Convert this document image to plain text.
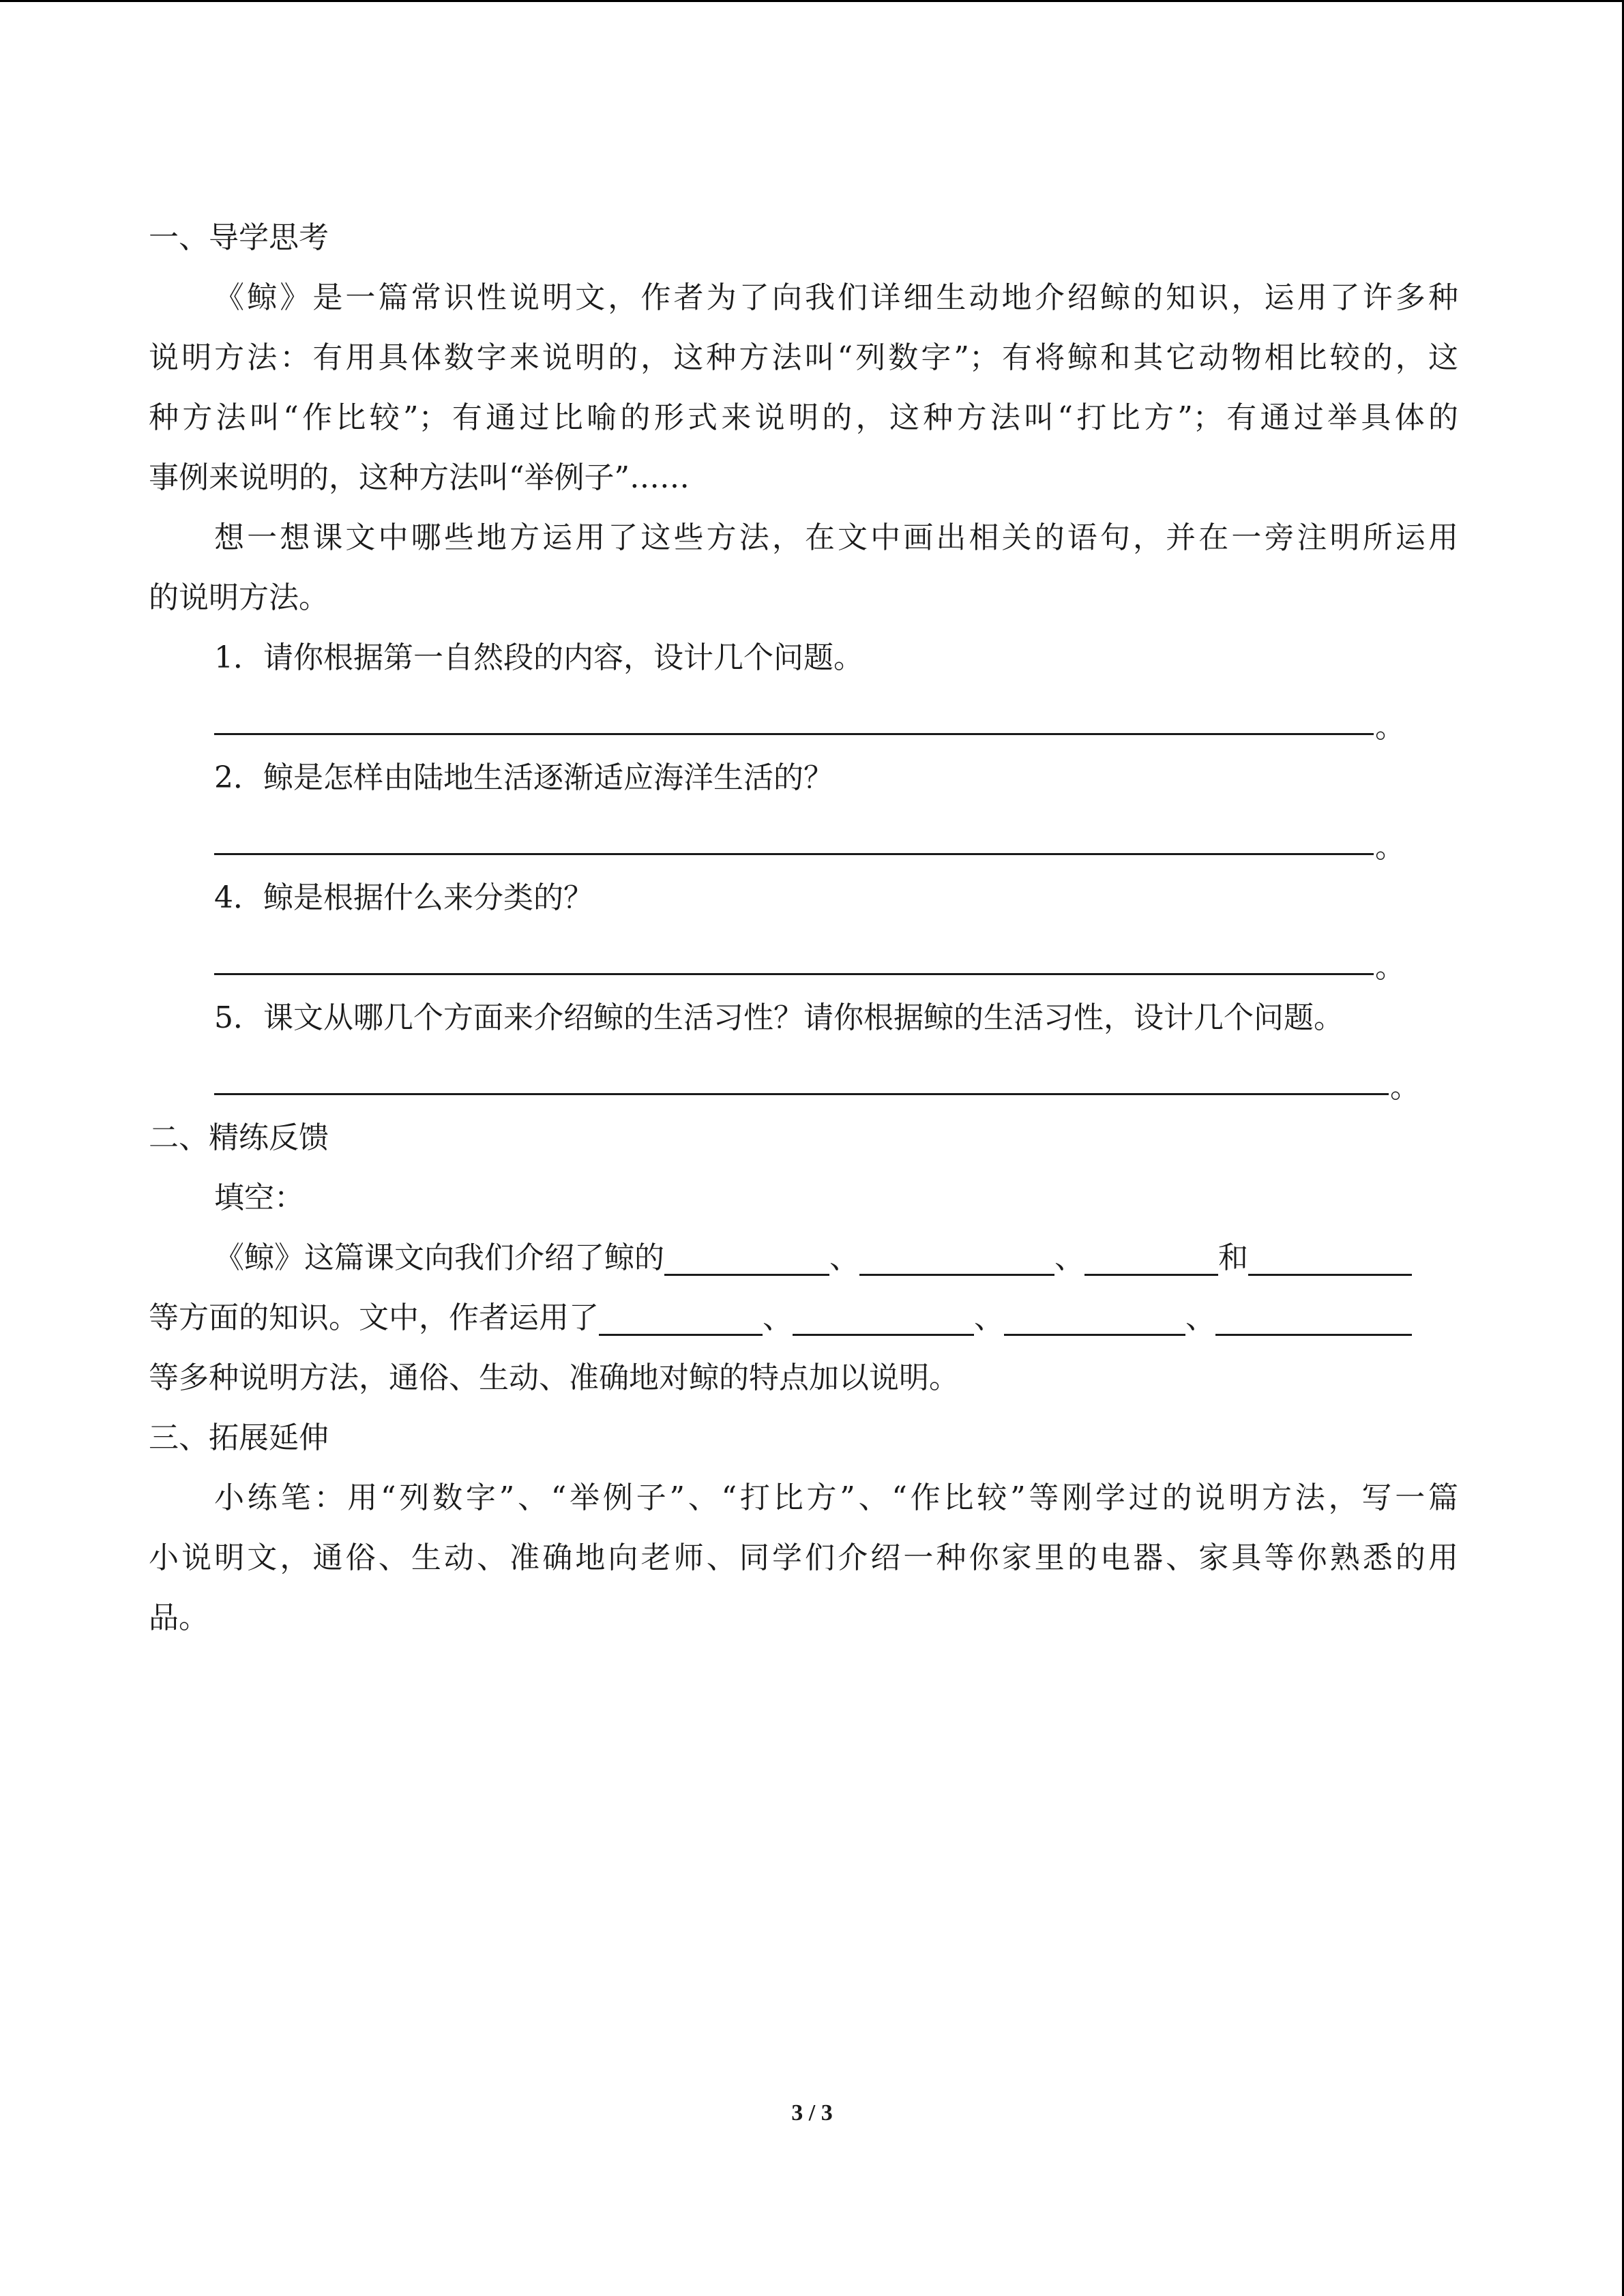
一、导学思考
《鲸》是一篇常识性说明文，作者为了向我们详细生动地介绍鲸的知识，运用了许多种
说明方法：有用具体数字来说明的，这种方法叫“列数字”；有将鲸和其它动物相比较的，这
种方法叫“作比较”；有通过比喻的形式来说明的，这种方法叫“打比方”；有通过举具体的
事例来说明的，这种方法叫“举例子”……
想一想课文中哪些地方运用了这些方法，在文中画出相关的语句，并在一旁注明所运用
的说明方法。
1．请你根据第一自然段的内容，设计几个问题。
。
2．鲸是怎样由陆地生活逐渐适应海洋生活的？
。
4．鲸是根据什么来分类的？
。
5．课文从哪几个方面来介绍鲸的生活习性？请你根据鲸的生活习性，设计几个问题。
。
二、精练反馈
填空：
《鲸》这篇课文向我们介绍了鲸的	、	、	和
等方面的知识。文中，作者运用了	、	、	、
等多种说明方法，通俗、生动、准确地对鲸的特点加以说明。
三、拓展延伸
小练笔：用“列数字”、“举例子”、“打比方”、“作比较”等刚学过的说明方法，写一篇
小说明文，通俗、生动、准确地向老师、同学们介绍一种你家里的电器、家具等你熟悉的用
品。
3 / 3
